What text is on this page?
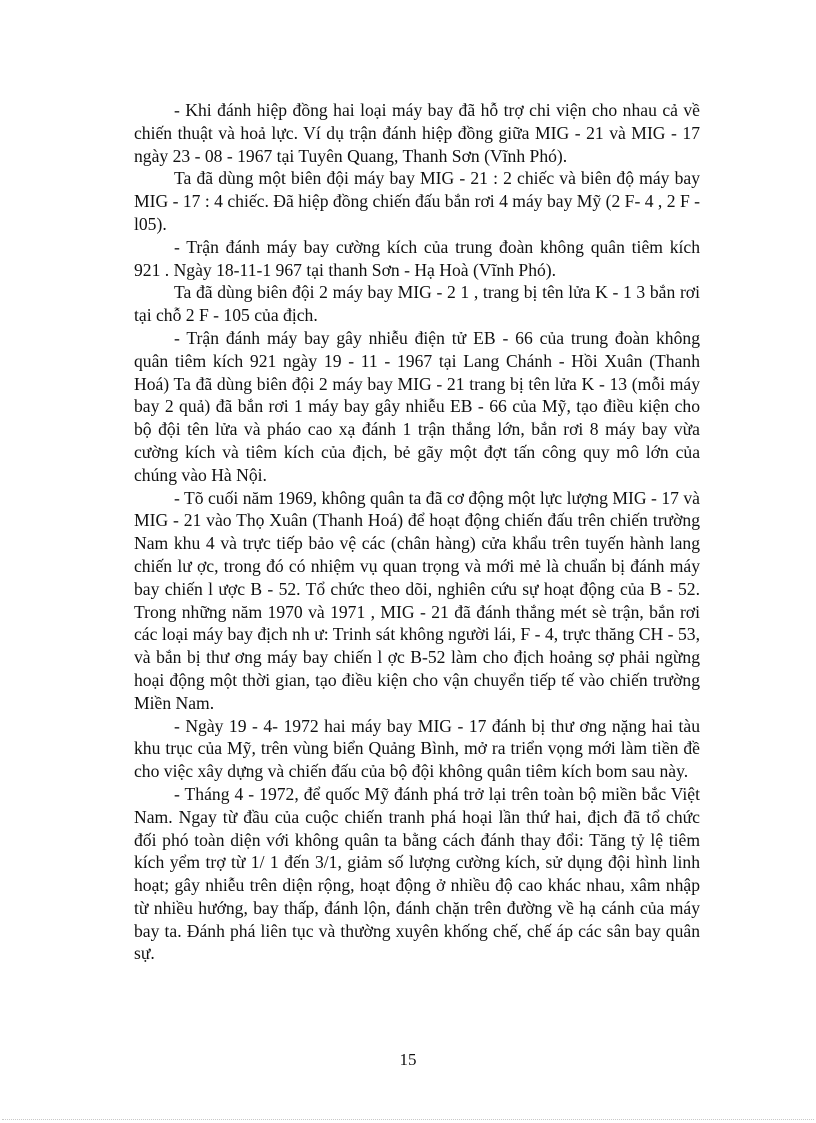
- Khi đánh hiệp đồng hai loại máy bay đã hỗ trợ chi viện cho nhau cả về chiến thuật và hoả lực. Ví dụ trận đánh hiệp đồng giữa MIG - 21 và MIG - 17 ngày 23 - 08 - 1967 tại Tuyên Quang, Thanh Sơn (Vĩnh Phó).

Ta đã dùng một biên đội máy bay MIG - 21 : 2 chiếc và biên độ máy bay MIG - 17 : 4 chiếc. Đã hiệp đồng chiến đấu bắn rơi 4 máy bay Mỹ (2 F- 4 , 2 F - l05).

- Trận đánh máy bay cường kích của trung đoàn không quân tiêm kích 921 . Ngày 18-11-1 967 tại thanh Sơn - Hạ Hoà (Vĩnh Phó).

Ta đã dùng biên đội 2 máy bay MIG - 2 1 , trang bị tên lửa K - 1 3 bắn rơi tại chỗ 2 F - 105 của địch.

- Trận đánh máy bay gây nhiễu điện tử EB - 66 của trung đoàn không quân tiêm kích 921 ngày 19 - 11 - 1967 tại Lang Chánh - Hồi Xuân (Thanh Hoá) Ta đã dùng biên đội 2 máy bay MIG - 21 trang bị tên lửa K - 13 (mỗi máy bay 2 quả) đã bắn rơi 1 máy bay gây nhiễu EB - 66 của Mỹ, tạo điều kiện cho bộ đội tên lửa và pháo cao xạ đánh 1 trận thắng lớn, bắn rơi 8 máy bay vừa cường kích và tiêm kích của địch, bẻ gãy một đợt tấn công quy mô lớn của chúng vào Hà Nội.

- Tõ cuối năm 1969, không quân ta đã cơ động một lực lượng MIG - 17 và MIG - 21 vào Thọ Xuân (Thanh Hoá) để hoạt động chiến đấu trên chiến trường Nam khu 4 và trực tiếp bảo vệ các (chân hàng) cửa khẩu trên tuyến hành lang chiến lư ợc, trong đó có nhiệm vụ quan trọng và mới mẻ là chuẩn bị đánh máy bay chiến l ược B - 52. Tổ chức theo dõi, nghiên cứu sự hoạt động của B - 52. Trong những năm 1970 và 1971 , MIG - 21 đã đánh thắng mét sè trận, bắn rơi các loại máy bay địch nh ư: Trinh sát không người lái, F - 4, trực thăng CH - 53, và bắn bị thư ơng máy bay chiến l ợc B-52 làm cho địch hoảng sợ phải ngừng hoại động một thời gian, tạo điều kiện cho vận chuyển tiếp tế vào chiến trường Miền Nam.

- Ngày 19 - 4- 1972 hai máy bay MIG - 17 đánh bị thư ơng nặng hai tàu khu trục của Mỹ, trên vùng biển Quảng Bình, mở ra triển vọng mới làm tiền đề cho việc xây dựng và chiến đấu của bộ đội không quân tiêm kích bom sau này.

- Tháng 4 - 1972, để quốc Mỹ đánh phá trở lại trên toàn bộ miền bắc Việt Nam. Ngay từ đầu của cuộc chiến tranh phá hoại lần thứ hai, địch đã tổ chức đối phó toàn diện với không quân ta bằng cách đánh thay đổi: Tăng tỷ lệ tiêm kích yểm trợ từ 1/ 1 đến 3/1, giảm số lượng cường kích, sử dụng đội hình linh hoạt; gây nhiễu trên diện rộng, hoạt động ở nhiều độ cao khác nhau, xâm nhập từ nhiều hướng, bay thấp, đánh lộn, đánh chặn trên đường về hạ cánh của máy bay ta. Đánh phá liên tục và thường xuyên khống chế, chế áp các sân bay quân sự.

15
